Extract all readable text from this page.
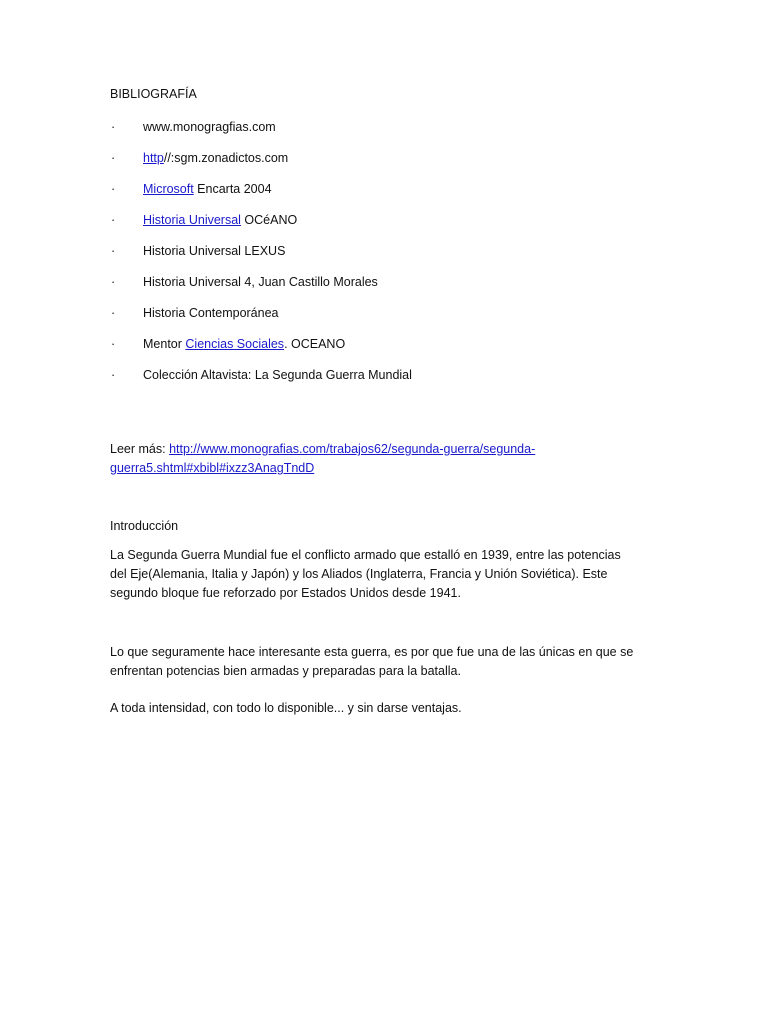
BIBLIOGRAFÍA
· www.monogragfias.com
· http//:sgm.zonadictos.com
· Microsoft Encarta 2004
· Historia Universal OCéANO
· Historia Universal LEXUS
· Historia Universal 4, Juan Castillo Morales
· Historia Contemporánea
· Mentor Ciencias Sociales. OCEANO
· Colección Altavista: La Segunda Guerra Mundial
Leer más: http://www.monografias.com/trabajos62/segunda-guerra/segunda-
guerra5.shtml#xbibl#ixzz3AnagTndD
Introducción
La Segunda Guerra Mundial fue el conflicto armado que estalló en 1939, entre las potencias
del Eje(Alemania, Italia y Japón) y los Aliados (Inglaterra, Francia y Unión Soviética). Este
segundo bloque fue reforzado por Estados Unidos desde 1941.
Lo que seguramente hace interesante esta guerra, es por que fue una de las únicas en que se
enfrentan potencias bien armadas y preparadas para la batalla.
A toda intensidad, con todo lo disponible... y sin darse ventajas.
